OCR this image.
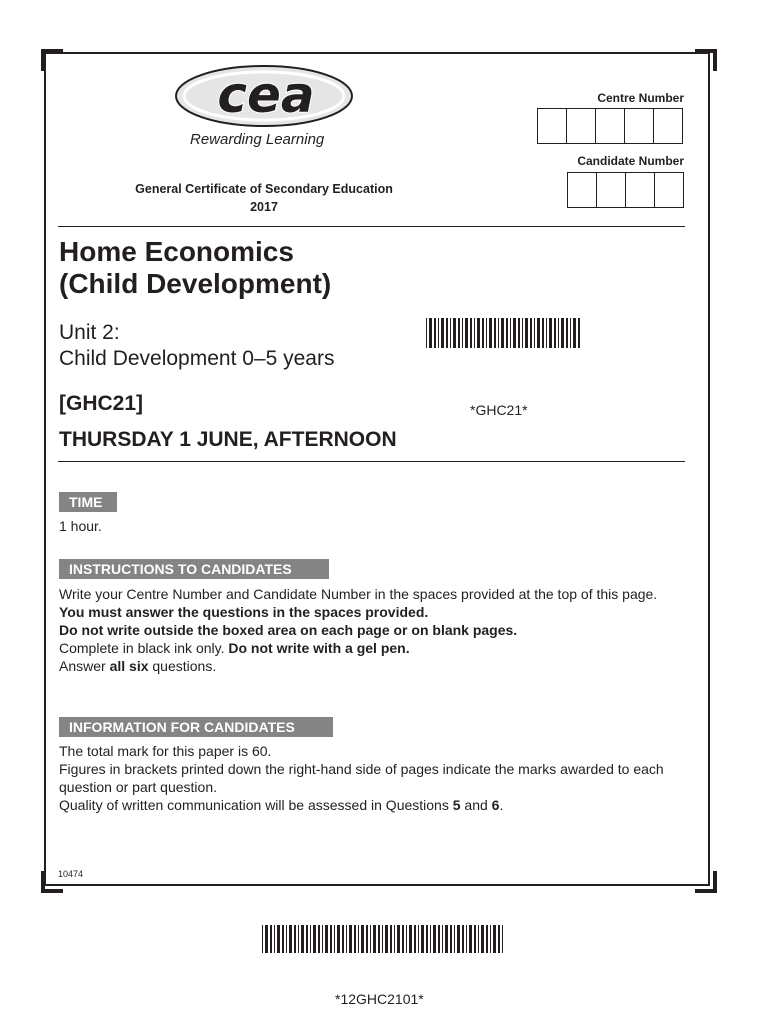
cea
Rewarding Learning
General Certificate of Secondary Education
2017
Centre Number
Candidate Number
Home Economics
(Child Development)
Unit 2:
Child Development 0–5 years
[GHC21]
THURSDAY 1 JUNE, AFTERNOON
*GHC21*
TIME
1 hour.
INSTRUCTIONS TO CANDIDATES

Write your Centre Number and Candidate Number in the spaces provided at the top of this page.

You must answer the questions in the spaces provided.

Do not write outside the boxed area on each page or on blank pages.

Complete in black ink only. Do not write with a gel pen.

Answer all six questions.

INFORMATION FOR CANDIDATES

The total mark for this paper is 60.

Figures in brackets printed down the right-hand side of pages indicate the marks awarded to each question or part question.

Quality of written communication will be assessed in Questions 5 and 6.

10474
*12GHC2101*
